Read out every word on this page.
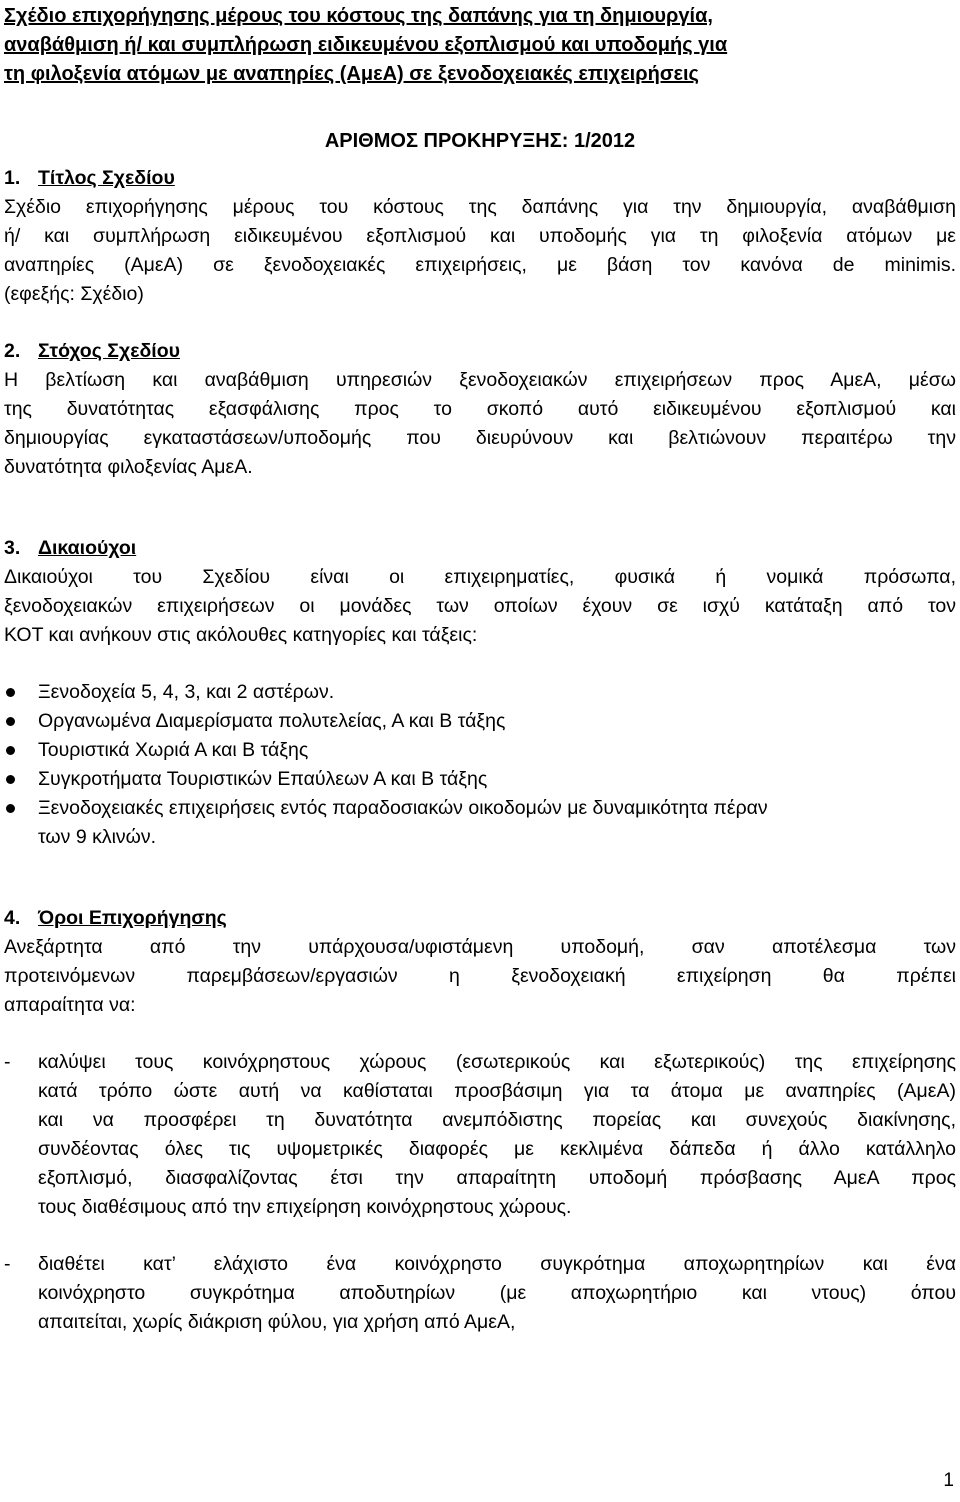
Σχέδιο επιχορήγησης μέρους του κόστους της δαπάνης για τη δημιουργία,
αναβάθμιση ή/ και συμπλήρωση ειδικευμένου εξοπλισμού και υποδομής για
τη φιλοξενία ατόμων με αναπηρίες (ΑμεΑ) σε ξενοδοχειακές επιχειρήσεις
ΑΡΙΘΜΟΣ ΠΡΟΚΗΡΥΞΗΣ: 1/2012
1. Τίτλος Σχεδίου
Σχέδιο επιχορήγησης μέρους του κόστους της δαπάνης για την δημιουργία, αναβάθμιση
ή/ και συμπλήρωση ειδικευμένου εξοπλισμού και υποδομής για τη φιλοξενία ατόμων με
αναπηρίες (ΑμεΑ) σε ξενοδοχειακές επιχειρήσεις, με βάση τον κανόνα de minimis.
(εφεξής: Σχέδιο)
2. Στόχος Σχεδίου
Η βελτίωση και αναβάθμιση υπηρεσιών ξενοδοχειακών επιχειρήσεων προς ΑμεΑ, μέσω
της δυνατότητας εξασφάλισης προς το σκοπό αυτό ειδικευμένου εξοπλισμού και
δημιουργίας εγκαταστάσεων/υποδομής που διευρύνουν και βελτιώνουν περαιτέρω την
δυνατότητα φιλοξενίας ΑμεΑ.
3. Δικαιούχοι
Δικαιούχοι του Σχεδίου είναι οι επιχειρηματίες, φυσικά ή νομικά πρόσωπα,
ξενοδοχειακών επιχειρήσεων οι μονάδες των οποίων έχουν σε ισχύ κατάταξη από τον
ΚΟΤ και ανήκουν στις ακόλουθες κατηγορίες και τάξεις:
Ξενοδοχεία 5, 4, 3, και 2 αστέρων.
Οργανωμένα Διαμερίσματα πολυτελείας, Α και Β τάξης
Τουριστικά Χωριά Α και Β τάξης
Συγκροτήματα Τουριστικών Επαύλεων Α και Β τάξης
Ξενοδοχειακές επιχειρήσεις εντός παραδοσιακών οικοδομών με δυναμικότητα πέραν
των 9 κλινών.
4. Όροι Επιχορήγησης
Ανεξάρτητα από την υπάρχουσα/υφιστάμενη υποδομή, σαν αποτέλεσμα των
προτεινόμενων παρεμβάσεων/εργασιών η ξενοδοχειακή επιχείρηση θα πρέπει
απαραίτητα να:
- καλύψει τους κοινόχρηστους χώρους (εσωτερικούς και εξωτερικούς) της επιχείρησης
κατά τρόπο ώστε αυτή να καθίσταται προσβάσιμη για τα άτομα με αναπηρίες (ΑμεΑ)
και να προσφέρει τη δυνατότητα ανεμπόδιστης πορείας και συνεχούς διακίνησης,
συνδέοντας όλες τις υψομετρικές διαφορές με κεκλιμένα δάπεδα ή άλλο κατάλληλο
εξοπλισμό, διασφαλίζοντας έτσι την απαραίτητη υποδομή πρόσβασης ΑμεΑ προς
τους διαθέσιμους από την επιχείρηση κοινόχρηστους χώρους.
- διαθέτει κατ’ ελάχιστο ένα κοινόχρηστο συγκρότημα αποχωρητηρίων και ένα
κοινόχρηστο συγκρότημα αποδυτηρίων (με αποχωρητήριο και ντους) όπου
απαιτείται, χωρίς διάκριση φύλου, για χρήση από ΑμεΑ,
1
